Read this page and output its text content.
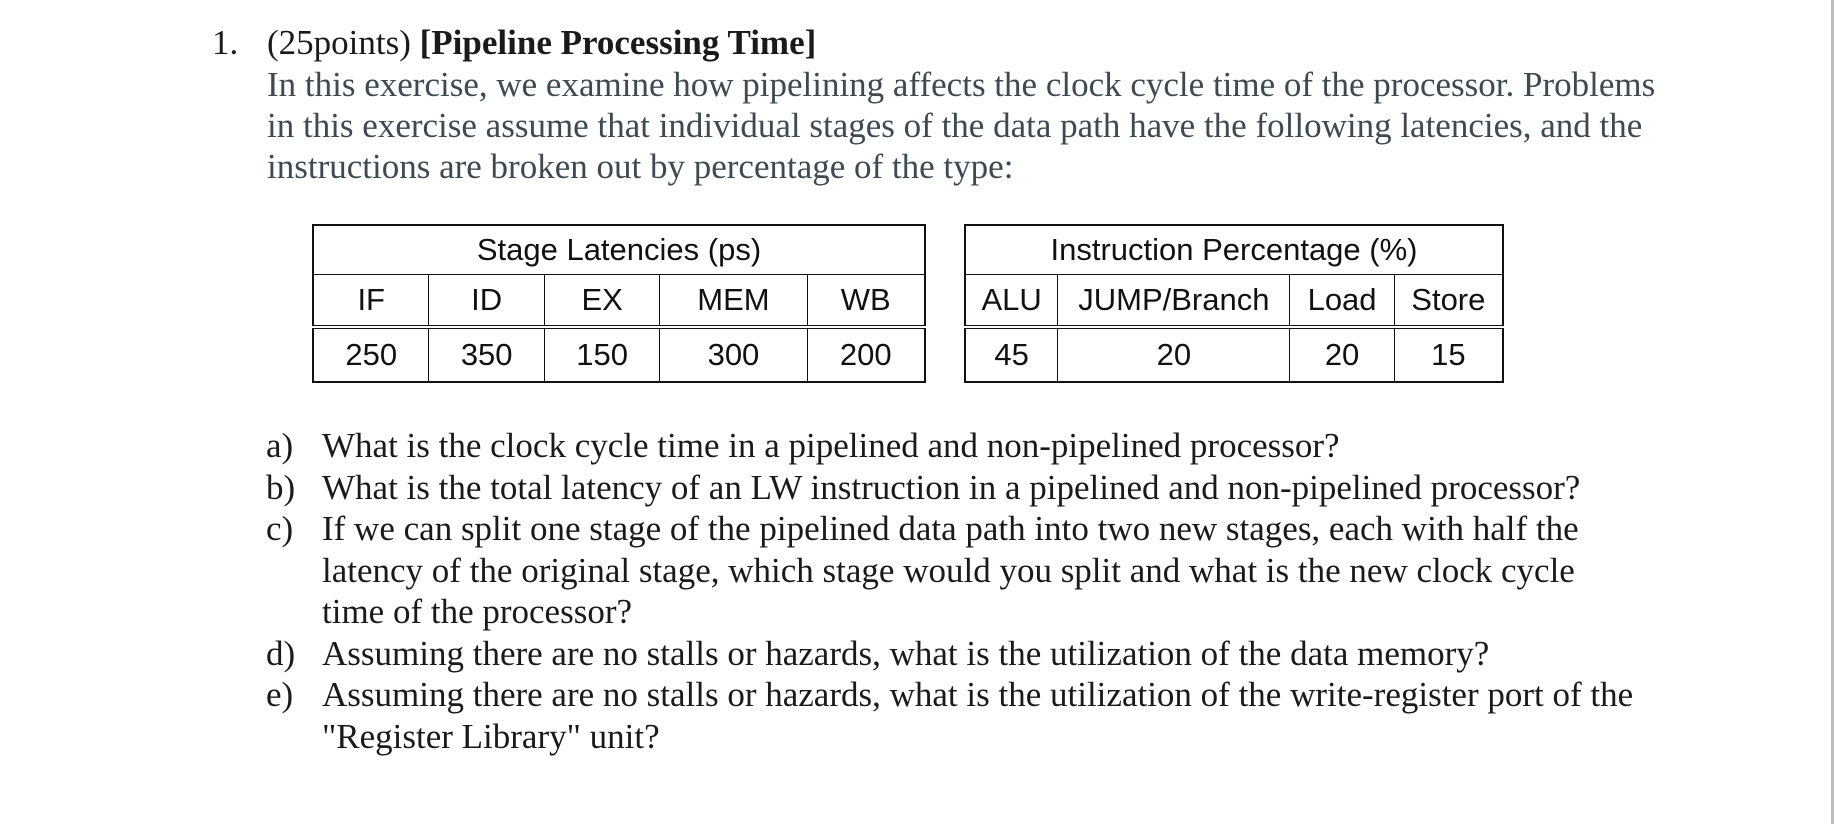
1. (25points) [Pipeline Processing Time]
In this exercise, we examine how pipelining affects the clock cycle time of the processor. Problems in this exercise assume that individual stages of the data path have the following latencies, and the instructions are broken out by percentage of the type:
Stage Latencies (ps)				
IF	ID	EX	MEM	WB
250	350	150	300	200
Instruction Percentage (%)			
ALU	JUMP/Branch	Load	Store
45	20	20	15
a) What is the clock cycle time in a pipelined and non-pipelined processor?
b) What is the total latency of an LW instruction in a pipelined and non-pipelined processor?
c) If we can split one stage of the pipelined data path into two new stages, each with half the latency of the original stage, which stage would you split and what is the new clock cycle time of the processor?
d) Assuming there are no stalls or hazards, what is the utilization of the data memory?
e) Assuming there are no stalls or hazards, what is the utilization of the write-register port of the "Register Library" unit?
